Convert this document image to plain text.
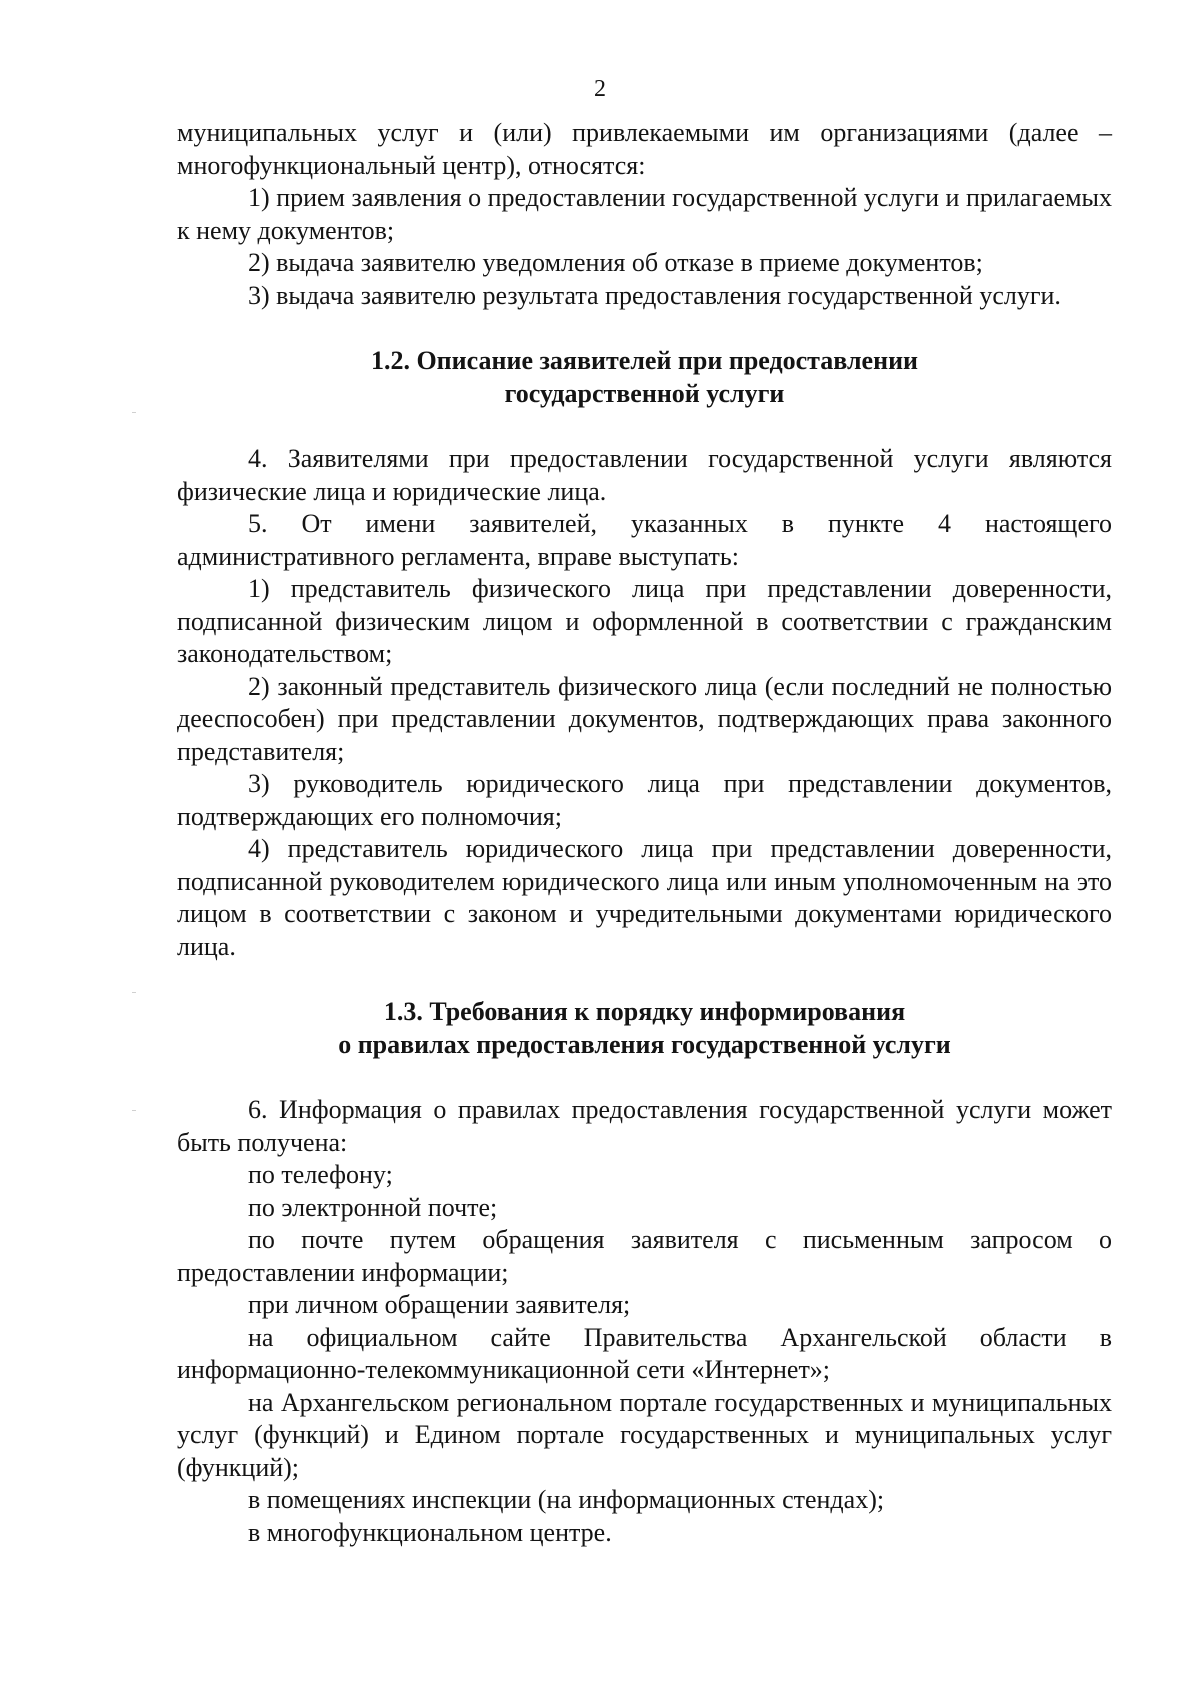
2

муниципальных услуг и (или) привлекаемыми им организациями (далее – многофункциональный центр), относятся:

1) прием заявления о предоставлении государственной услуги и прилагаемых к нему документов;

2) выдача заявителю уведомления об отказе в приеме документов;

3) выдача заявителю результата предоставления государственной услуги.

1.2. Описание заявителей при предоставлении
государственной услуги

4. Заявителями при предоставлении государственной услуги являются физические лица и юридические лица.

5. От имени заявителей, указанных в пункте 4 настоящего административного регламента, вправе выступать:

1) представитель физического лица при представлении доверенности, подписанной физическим лицом и оформленной в соответствии с гражданским законодательством;

2) законный представитель физического лица (если последний не полностью дееспособен) при представлении документов, подтверждающих права законного представителя;

3) руководитель юридического лица при представлении документов, подтверждающих его полномочия;

4) представитель юридического лица при представлении доверенности, подписанной руководителем юридического лица или иным уполномоченным на это лицом в соответствии с законом и учредительными документами юридического лица.

1.3. Требования к порядку информирования
о правилах предоставления государственной услуги

6. Информация о правилах предоставления государственной услуги может быть получена:

по телефону;

по электронной почте;

по почте путем обращения заявителя с письменным запросом о предоставлении информации;

при личном обращении заявителя;

на официальном сайте Правительства Архангельской области в информационно-телекоммуникационной сети «Интернет»;

на Архангельском региональном портале государственных и муниципальных услуг (функций) и Едином портале государственных и муниципальных услуг (функций);

в помещениях инспекции (на информационных стендах);

в многофункциональном центре.
